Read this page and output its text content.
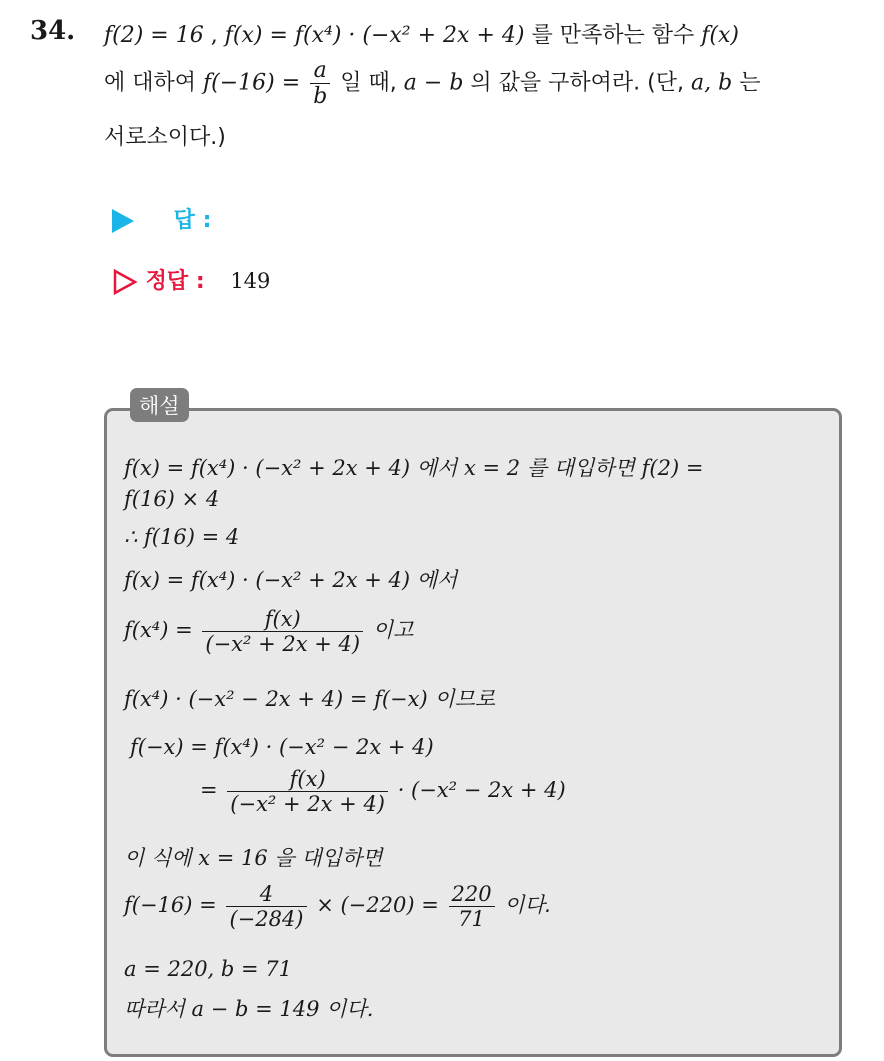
34. f(2) = 16 , f(x) = f(x⁴) · (−x² + 2x + 4) 를 만족하는 함수 f(x)
에 대하여 $f(-16) = \frac{a}{b}$ 일 때, a − b 의 값을 구하여라. (단, a, b 는
서로소이다.)
답 :
정답 : 149
해설
f(x) = f(x⁴) · (−x² + 2x + 4) 에서 x = 2 를 대입하면 f(2) =
f(16) × 4
∴ f(16) = 4
f(x) = f(x⁴) · (−x² + 2x + 4) 에서
$f(x^4) = \frac{f(x)}{\text{(−x² + 2x + 4)}}$ 이고
f(x⁴) · (−x² − 2x + 4) = f(−x) 이므로
f(−x) = f(x⁴) · (−x² − 2x + 4)
= $\frac{f(x)}{\text{(−x² + 2x + 4)}} \cdot (-x^2 - 2x + 4)$
이 식에 x = 16 을 대입하면
$f(-16) = \frac{4}{(-284)} \times (-220) = \frac{220}{71}$ 이다.
a = 220, b = 71
따라서 a − b = 149 이다.
